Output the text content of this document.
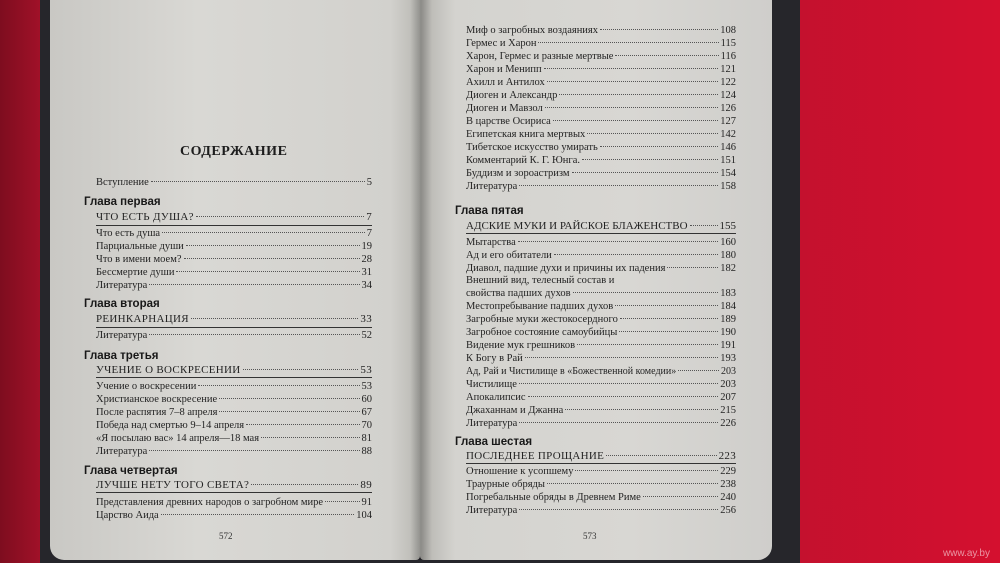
СОДЕРЖАНИЕ
Вступление	5
Глава первая
ЧТО ЕСТЬ ДУША?	7
Что есть душа	7
Парциальные души	19
Что в имени моем?	28
Бессмертие души	31
Литература	34
Глава вторая
РЕИНКАРНАЦИЯ	33
Литература	52
Глава третья
УЧЕНИЕ О ВОСКРЕСЕНИИ	53
Учение о воскресении	53
Христианское воскресение	60
После распятия 7–8 апреля	67
Победа над смертью 9–14 апреля	70
«Я посылаю вас» 14 апреля—18 мая	81
Литература	88
Глава четвертая
ЛУЧШЕ НЕТУ ТОГО СВЕТА?	89
Представления древних народов о загробном мире	91
Царство Аида	104
572
Миф о загробных воздаяниях	108
Гермес и Харон	115
Харон, Гермес и разные мертвые	116
Харон и Менипп	121
Ахилл и Антилох	122
Диоген и Александр	124
Диоген и Мавзол	126
В царстве Осириса	127
Египетская книга мертвых	142
Тибетское искусство умирать	146
Комментарий К. Г. Юнга.	151
Буддизм и зороастризм	154
Литература	158
Глава пятая
АДСКИЕ МУКИ И РАЙСКОЕ БЛАЖЕНСТВО	155
Мытарства	160
Ад и его обитатели	180
Диавол, падшие духи и причины их падения	182
Внешний вид, телесный состав и
свойства падших духов	183
Местопребывание падших духов	184
Загробные муки жестокосердного	189
Загробное состояние самоубийцы	190
Видение мук грешников	191
К Богу в Рай	193
Ад, Рай и Чистилище в «Божественной комедии»	203
Чистилище	203
Апокалипсис	207
Джаханнам и Джанна	215
Литература	226
Глава шестая
ПОСЛЕДНЕЕ ПРОЩАНИЕ	223
Отношение к усопшему	229
Траурные обряды	238
Погребальные обряды в Древнем Риме	240
Литература	256
573
www.ay.by
